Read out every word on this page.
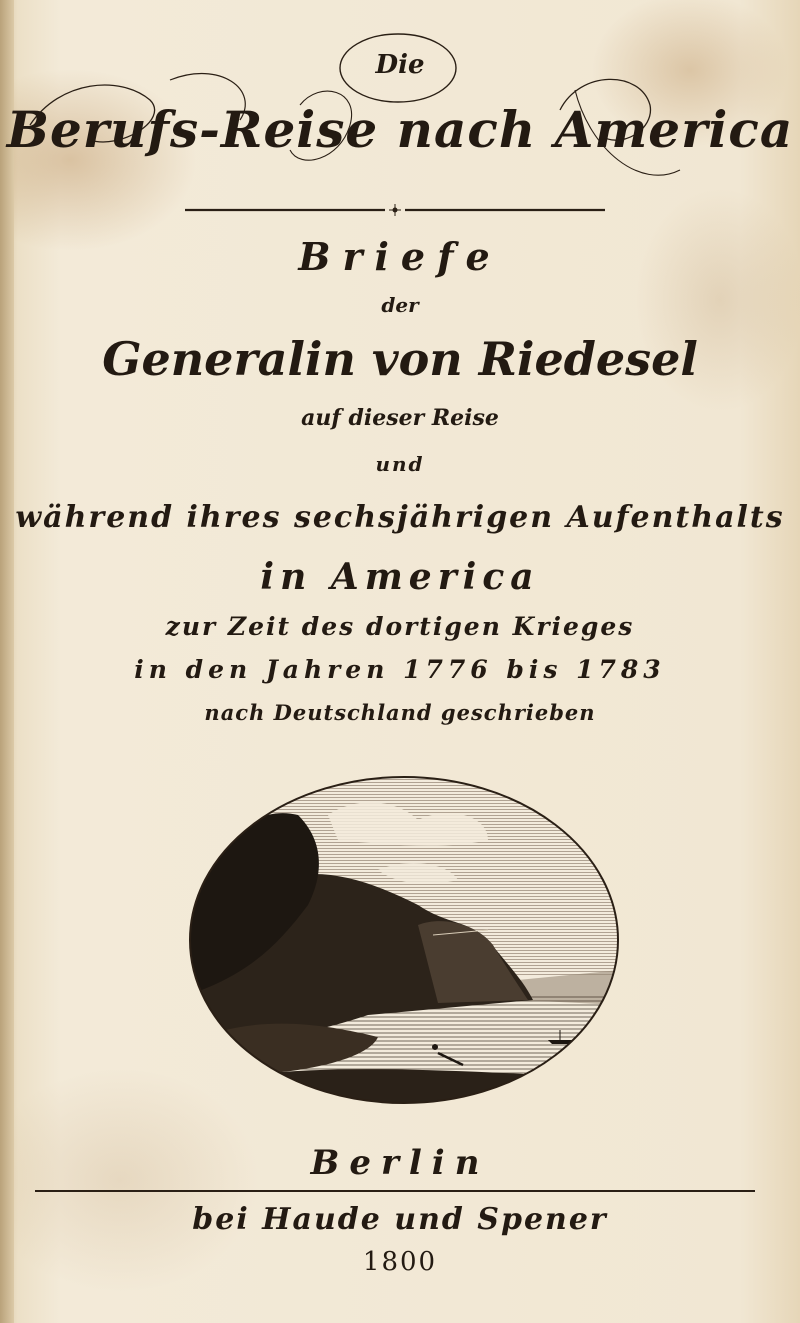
Die
Berufs-Reise nach America
Briefe
der
Generalin von Riedesel
auf dieser Reise
und
während ihres sechsjährigen Aufenthalts
in America
zur Zeit des dortigen Krieges
in den Jahren 1776 bis 1783
nach Deutschland geschrieben
Berlin
bei Haude und Spener
1800
